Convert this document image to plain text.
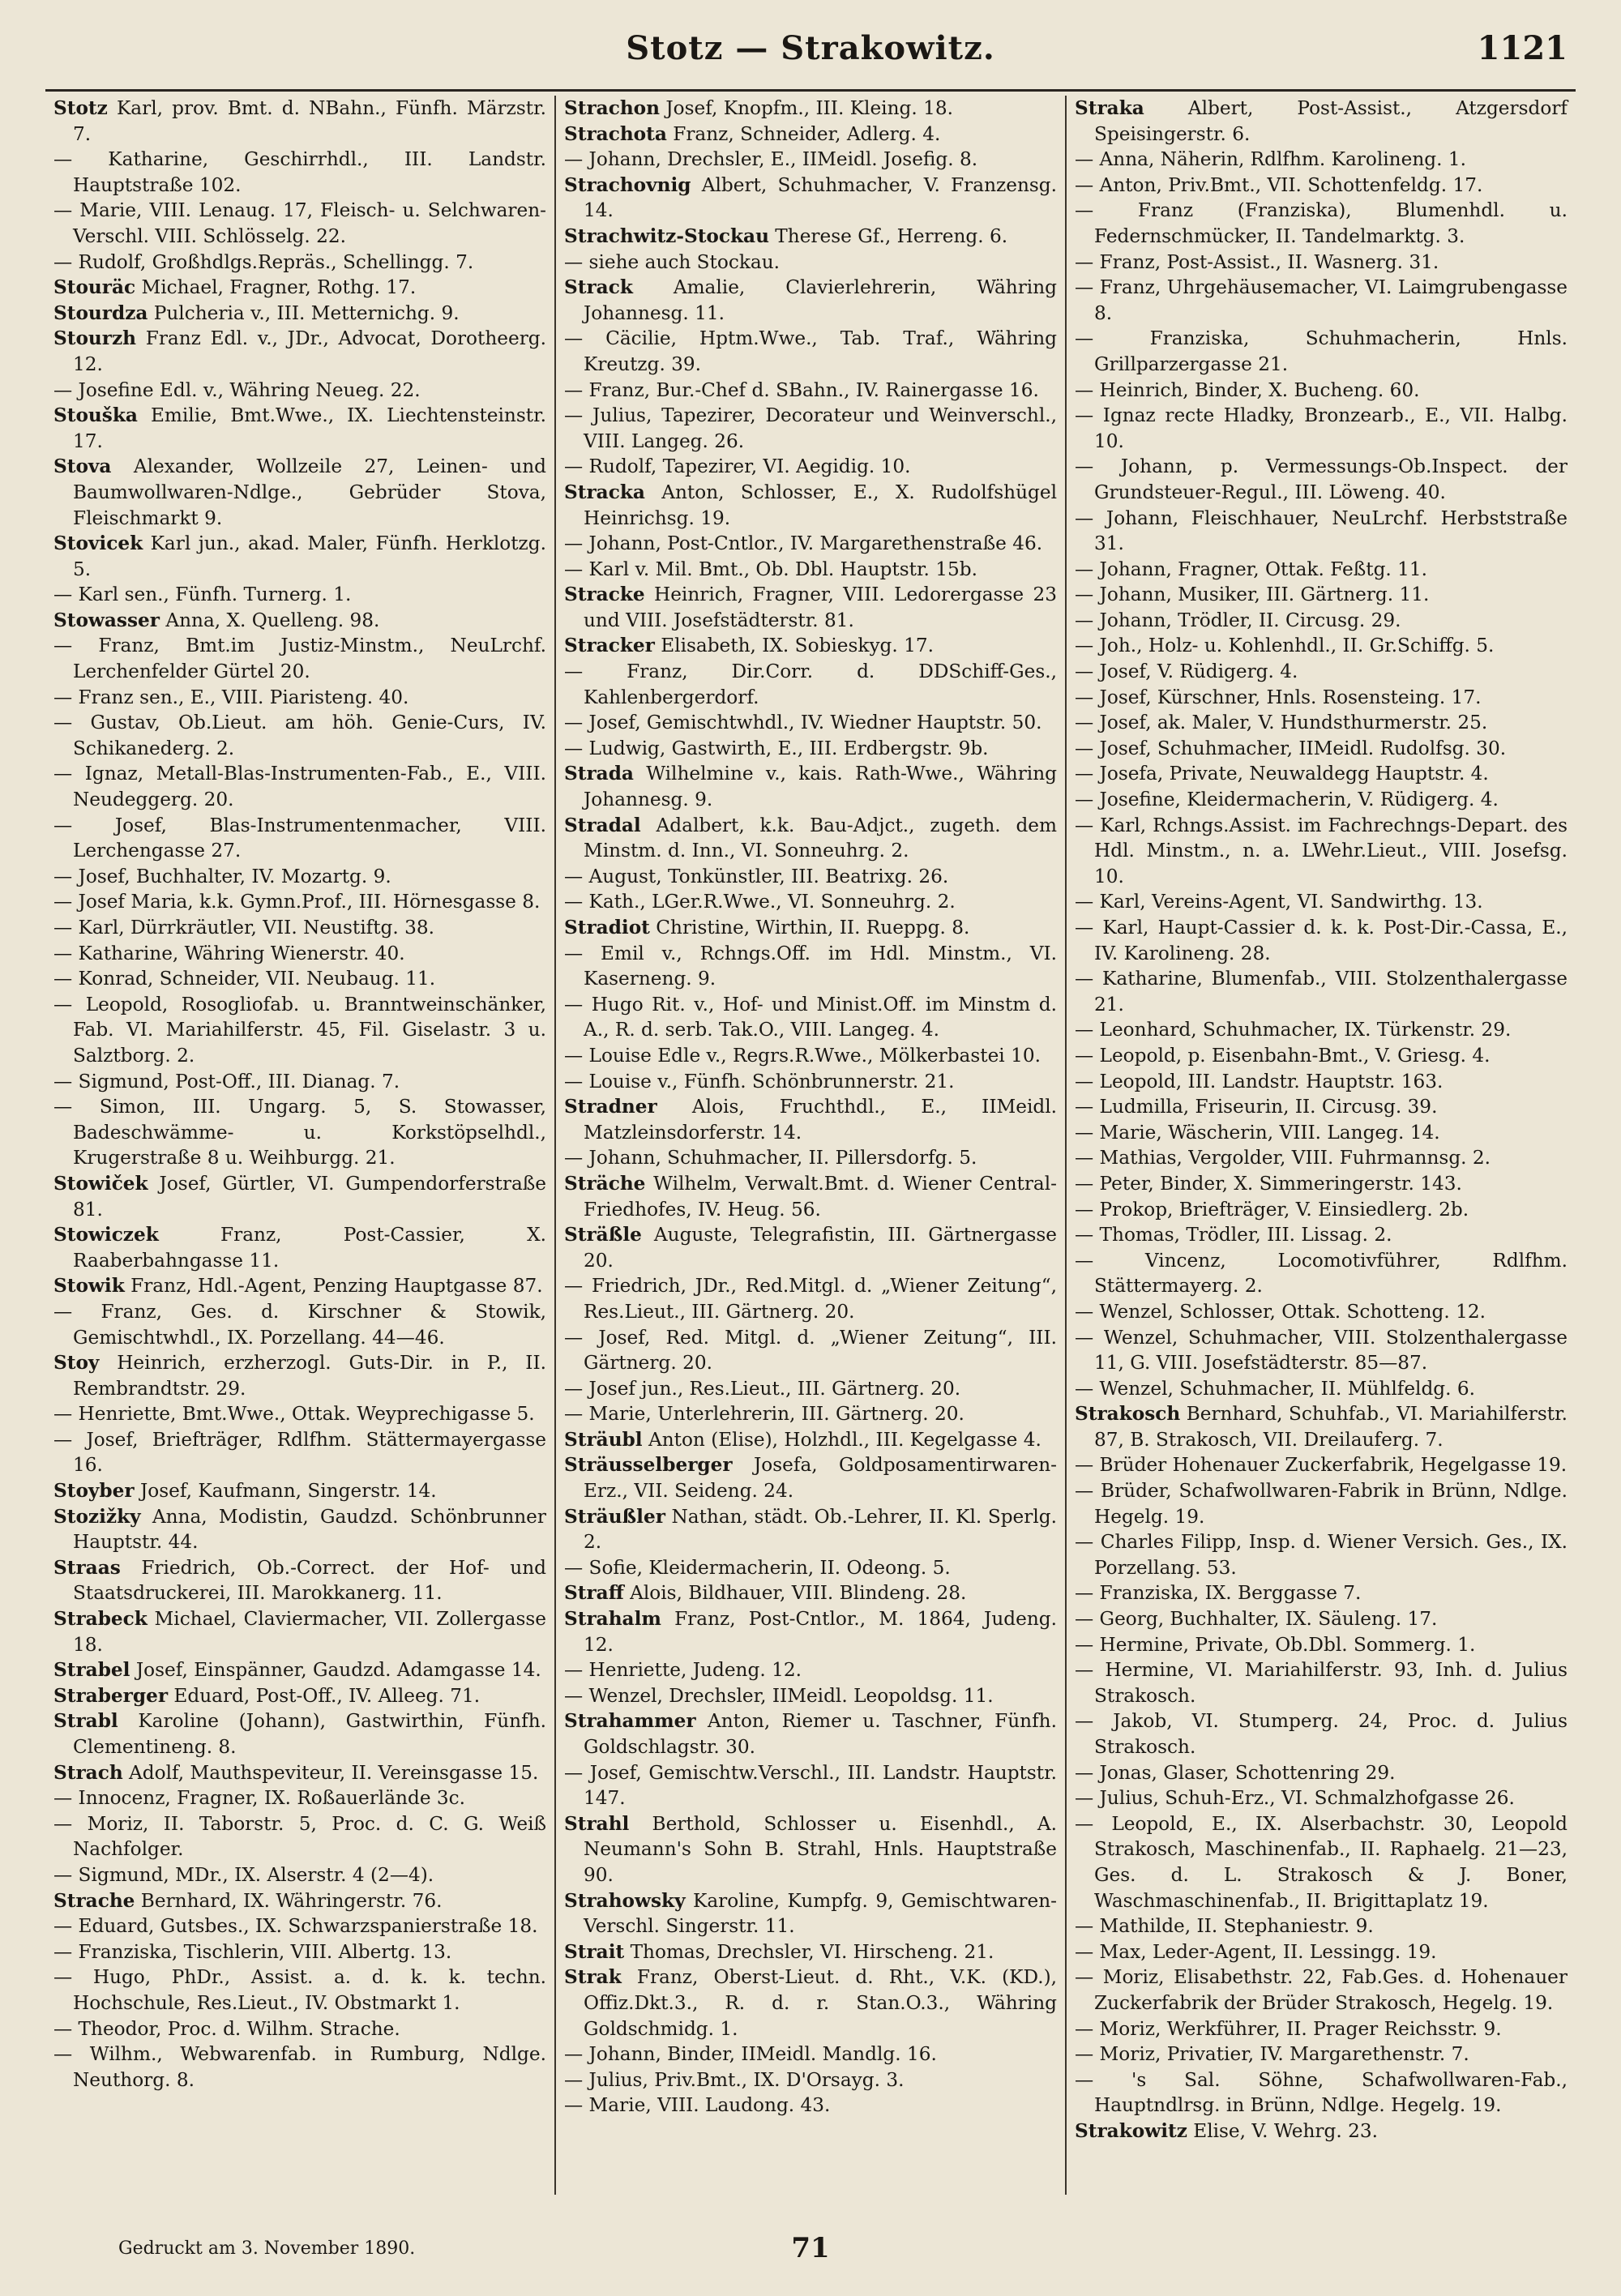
Stotz — Strakowitz.	1121

Stotz Karl, prov. Bmt. d. NBahn., Fünfh. Märzstr. 7.

— Katharine, Geschirrhdl., III. Landstr. Hauptstraße 102.

— Marie, VIII. Lenaug. 17, Fleisch- u. Selchwaren-Verschl. VIII. Schlösselg. 22.

— Rudolf, Großhdlgs.Repräs., Schellingg. 7.

Stouräc Michael, Fragner, Rothg. 17.

Stourdza Pulcheria v., III. Metternichg. 9.

Stourzh Franz Edl. v., JDr., Advocat, Dorotheerg. 12.

— Josefine Edl. v., Währing Neueg. 22.

Stouška Emilie, Bmt.Wwe., IX. Liechtensteinstr. 17.

Stova Alexander, Wollzeile 27, Leinen- und Baumwollwaren-Ndlge., Gebrüder Stova, Fleischmarkt 9.

Stovicek Karl jun., akad. Maler, Fünfh. Herklotzg. 5.

— Karl sen., Fünfh. Turnerg. 1.

Stowasser Anna, X. Quelleng. 98.

— Franz, Bmt.im Justiz-Minstm., NeuLrchf. Lerchenfelder Gürtel 20.

— Franz sen., E., VIII. Piaristeng. 40.

— Gustav, Ob.Lieut. am höh. Genie-Curs, IV. Schikanederg. 2.

— Ignaz, Metall-Blas-Instrumenten-Fab., E., VIII. Neudeggerg. 20.

— Josef, Blas-Instrumentenmacher, VIII. Lerchengasse 27.

— Josef, Buchhalter, IV. Mozartg. 9.

— Josef Maria, k.k. Gymn.Prof., III. Hörnesgasse 8.

— Karl, Dürrkräutler, VII. Neustiftg. 38.

— Katharine, Währing Wienerstr. 40.

— Konrad, Schneider, VII. Neubaug. 11.

— Leopold, Rosogliofab. u. Branntweinschänker, Fab. VI. Mariahilferstr. 45, Fil. Giselastr. 3 u. Salztborg. 2.

— Sigmund, Post-Off., III. Dianag. 7.

— Simon, III. Ungarg. 5, S. Stowasser, Badeschwämme- u. Korkstöpselhdl., Krugerstraße 8 u. Weihburgg. 21.

Stowiček Josef, Gürtler, VI. Gumpendorferstraße 81.

Stowiczek Franz, Post-Cassier, X. Raaberbahngasse 11.

Stowik Franz, Hdl.-Agent, Penzing Hauptgasse 87.

— Franz, Ges. d. Kirschner & Stowik, Gemischtwhdl., IX. Porzellang. 44—46.

Stoy Heinrich, erzherzogl. Guts-Dir. in P., II. Rembrandtstr. 29.

— Henriette, Bmt.Wwe., Ottak. Weyprechigasse 5.

— Josef, Briefträger, Rdlfhm. Stättermayergasse 16.

Stoyber Josef, Kaufmann, Singerstr. 14.

Stozižky Anna, Modistin, Gaudzd. Schönbrunner Hauptstr. 44.

Straas Friedrich, Ob.-Correct. der Hof- und Staatsdruckerei, III. Marokkanerg. 11.

Strabeck Michael, Claviermacher, VII. Zollergasse 18.

Strabel Josef, Einspänner, Gaudzd. Adamgasse 14.

Straberger Eduard, Post-Off., IV. Alleeg. 71.

Strabl Karoline (Johann), Gastwirthin, Fünfh. Clementineng. 8.

Strach Adolf, Mauthspeviteur, II. Vereinsgasse 15.

— Innocenz, Fragner, IX. Roßauerlände 3c.

— Moriz, II. Taborstr. 5, Proc. d. C. G. Weiß Nachfolger.

— Sigmund, MDr., IX. Alserstr. 4 (2—4).

Strache Bernhard, IX. Währingerstr. 76.

— Eduard, Gutsbes., IX. Schwarzspanierstraße 18.

— Franziska, Tischlerin, VIII. Albertg. 13.

— Hugo, PhDr., Assist. a. d. k. k. techn. Hochschule, Res.Lieut., IV. Obstmarkt 1.

— Theodor, Proc. d. Wilhm. Strache.

— Wilhm., Webwarenfab. in Rumburg, Ndlge. Neuthorg. 8.

Strachon Josef, Knopfm., III. Kleing. 18.

Strachota Franz, Schneider, Adlerg. 4.

— Johann, Drechsler, E., IIMeidl. Josefig. 8.

Strachovnig Albert, Schuhmacher, V. Franzensg. 14.

Strachwitz-Stockau Therese Gf., Herreng. 6.

— siehe auch Stockau.

Strack Amalie, Clavierlehrerin, Währing Johannesg. 11.

— Cäcilie, Hptm.Wwe., Tab. Traf., Währing Kreutzg. 39.

— Franz, Bur.-Chef d. SBahn., IV. Rainergasse 16.

— Julius, Tapezirer, Decorateur und Weinverschl., VIII. Langeg. 26.

— Rudolf, Tapezirer, VI. Aegidig. 10.

Stracka Anton, Schlosser, E., X. Rudolfshügel Heinrichsg. 19.

— Johann, Post-Cntlor., IV. Margarethenstraße 46.

— Karl v. Mil. Bmt., Ob. Dbl. Hauptstr. 15b.

Stracke Heinrich, Fragner, VIII. Ledorergasse 23 und VIII. Josefstädterstr. 81.

Stracker Elisabeth, IX. Sobieskyg. 17.

— Franz, Dir.Corr. d. DDSchiff-Ges., Kahlenbergerdorf.

— Josef, Gemischtwhdl., IV. Wiedner Hauptstr. 50.

— Ludwig, Gastwirth, E., III. Erdbergstr. 9b.

Strada Wilhelmine v., kais. Rath-Wwe., Währing Johannesg. 9.

Stradal Adalbert, k.k. Bau-Adjct., zugeth. dem Minstm. d. Inn., VI. Sonneuhrg. 2.

— August, Tonkünstler, III. Beatrixg. 26.

— Kath., LGer.R.Wwe., VI. Sonneuhrg. 2.

Stradiot Christine, Wirthin, II. Rueppg. 8.

— Emil v., Rchngs.Off. im Hdl. Minstm., VI. Kaserneng. 9.

— Hugo Rit. v., Hof- und Minist.Off. im Minstm d. A., R. d. serb. Tak.O., VIII. Langeg. 4.

— Louise Edle v., Regrs.R.Wwe., Mölkerbastei 10.

— Louise v., Fünfh. Schönbrunnerstr. 21.

Stradner Alois, Fruchthdl., E., IIMeidl. Matzleinsdorferstr. 14.

— Johann, Schuhmacher, II. Pillersdorfg. 5.

Sträche Wilhelm, Verwalt.Bmt. d. Wiener Central-Friedhofes, IV. Heug. 56.

Sträßle Auguste, Telegrafistin, III. Gärtnergasse 20.

— Friedrich, JDr., Red.Mitgl. d. „Wiener Zeitung“, Res.Lieut., III. Gärtnerg. 20.

— Josef, Red. Mitgl. d. „Wiener Zeitung“, III. Gärtnerg. 20.

— Josef jun., Res.Lieut., III. Gärtnerg. 20.

— Marie, Unterlehrerin, III. Gärtnerg. 20.

Sträubl Anton (Elise), Holzhdl., III. Kegelgasse 4.

Sträusselberger Josefa, Goldposamentirwaren-Erz., VII. Seideng. 24.

Sträußler Nathan, städt. Ob.-Lehrer, II. Kl. Sperlg. 2.

— Sofie, Kleidermacherin, II. Odeong. 5.

Straff Alois, Bildhauer, VIII. Blindeng. 28.

Strahalm Franz, Post-Cntlor., M. 1864, Judeng. 12.

— Henriette, Judeng. 12.

— Wenzel, Drechsler, IIMeidl. Leopoldsg. 11.

Strahammer Anton, Riemer u. Taschner, Fünfh. Goldschlagstr. 30.

— Josef, Gemischtw.Verschl., III. Landstr. Hauptstr. 147.

Strahl Berthold, Schlosser u. Eisenhdl., A. Neumann's Sohn B. Strahl, Hnls. Hauptstraße 90.

Strahowsky Karoline, Kumpfg. 9, Gemischtwaren-Verschl. Singerstr. 11.

Strait Thomas, Drechsler, VI. Hirscheng. 21.

Strak Franz, Oberst-Lieut. d. Rht., V.K. (KD.), Offiz.Dkt.3., R. d. r. Stan.O.3., Währing Goldschmidg. 1.

— Johann, Binder, IIMeidl. Mandlg. 16.

— Julius, Priv.Bmt., IX. D'Orsayg. 3.

— Marie, VIII. Laudong. 43.

Straka Albert, Post-Assist., Atzgersdorf Speisingerstr. 6.

— Anna, Näherin, Rdlfhm. Karolineng. 1.

— Anton, Priv.Bmt., VII. Schottenfeldg. 17.

— Franz (Franziska), Blumenhdl. u. Federnschmücker, II. Tandelmarktg. 3.

— Franz, Post-Assist., II. Wasnerg. 31.

— Franz, Uhrgehäusemacher, VI. Laimgrubengasse 8.

— Franziska, Schuhmacherin, Hnls. Grillparzergasse 21.

— Heinrich, Binder, X. Bucheng. 60.

— Ignaz recte Hladky, Bronzearb., E., VII. Halbg. 10.

— Johann, p. Vermessungs-Ob.Inspect. der Grundsteuer-Regul., III. Löweng. 40.

— Johann, Fleischhauer, NeuLrchf. Herbststraße 31.

— Johann, Fragner, Ottak. Feßtg. 11.

— Johann, Musiker, III. Gärtnerg. 11.

— Johann, Trödler, II. Circusg. 29.

— Joh., Holz- u. Kohlenhdl., II. Gr.Schiffg. 5.

— Josef, V. Rüdigerg. 4.

— Josef, Kürschner, Hnls. Rosensteing. 17.

— Josef, ak. Maler, V. Hundsthurmerstr. 25.

— Josef, Schuhmacher, IIMeidl. Rudolfsg. 30.

— Josefa, Private, Neuwaldegg Hauptstr. 4.

— Josefine, Kleidermacherin, V. Rüdigerg. 4.

— Karl, Rchngs.Assist. im Fachrechngs-Depart. des Hdl. Minstm., n. a. LWehr.Lieut., VIII. Josefsg. 10.

— Karl, Vereins-Agent, VI. Sandwirthg. 13.

— Karl, Haupt-Cassier d. k. k. Post-Dir.-Cassa, E., IV. Karolineng. 28.

— Katharine, Blumenfab., VIII. Stolzenthalergasse 21.

— Leonhard, Schuhmacher, IX. Türkenstr. 29.

— Leopold, p. Eisenbahn-Bmt., V. Griesg. 4.

— Leopold, III. Landstr. Hauptstr. 163.

— Ludmilla, Friseurin, II. Circusg. 39.

— Marie, Wäscherin, VIII. Langeg. 14.

— Mathias, Vergolder, VIII. Fuhrmannsg. 2.

— Peter, Binder, X. Simmeringerstr. 143.

— Prokop, Briefträger, V. Einsiedlerg. 2b.

— Thomas, Trödler, III. Lissag. 2.

— Vincenz, Locomotivführer, Rdlfhm. Stättermayerg. 2.

— Wenzel, Schlosser, Ottak. Schotteng. 12.

— Wenzel, Schuhmacher, VIII. Stolzenthalergasse 11, G. VIII. Josefstädterstr. 85—87.

— Wenzel, Schuhmacher, II. Mühlfeldg. 6.

Strakosch Bernhard, Schuhfab., VI. Mariahilferstr. 87, B. Strakosch, VII. Dreilauferg. 7.

— Brüder Hohenauer Zuckerfabrik, Hegelgasse 19.

— Brüder, Schafwollwaren-Fabrik in Brünn, Ndlge. Hegelg. 19.

— Charles Filipp, Insp. d. Wiener Versich. Ges., IX. Porzellang. 53.

— Franziska, IX. Berggasse 7.

— Georg, Buchhalter, IX. Säuleng. 17.

— Hermine, Private, Ob.Dbl. Sommerg. 1.

— Hermine, VI. Mariahilferstr. 93, Inh. d. Julius Strakosch.

— Jakob, VI. Stumperg. 24, Proc. d. Julius Strakosch.

— Jonas, Glaser, Schottenring 29.

— Julius, Schuh-Erz., VI. Schmalzhofgasse 26.

— Leopold, E., IX. Alserbachstr. 30, Leopold Strakosch, Maschinenfab., II. Raphaelg. 21—23, Ges. d. L. Strakosch & J. Boner, Waschmaschinenfab., II. Brigittaplatz 19.

— Mathilde, II. Stephaniestr. 9.

— Max, Leder-Agent, II. Lessingg. 19.

— Moriz, Elisabethstr. 22, Fab.Ges. d. Hohenauer Zuckerfabrik der Brüder Strakosch, Hegelg. 19.

— Moriz, Werkführer, II. Prager Reichsstr. 9.

— Moriz, Privatier, IV. Margarethenstr. 7.

— 's Sal. Söhne, Schafwollwaren-Fab., Hauptndlrsg. in Brünn, Ndlge. Hegelg. 19.

Strakowitz Elise, V. Wehrg. 23.

Gedruckt am 3. November 1890.	71
